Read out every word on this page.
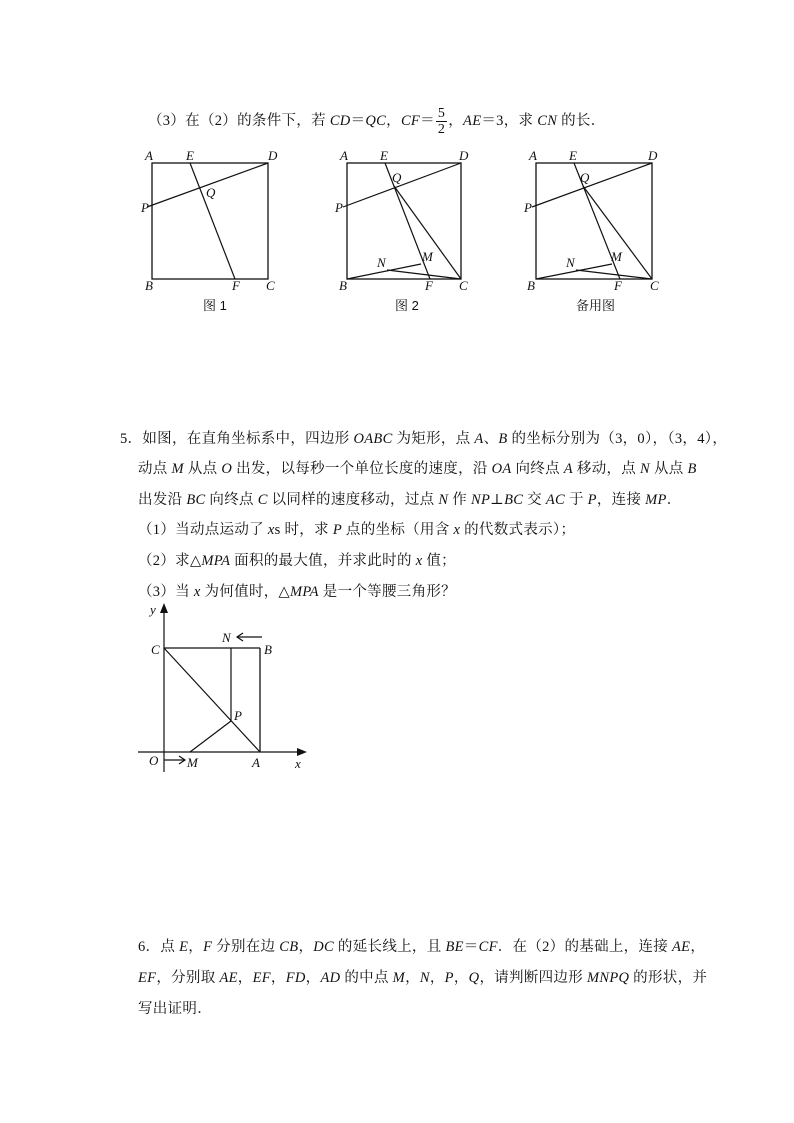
（3）在（2）的条件下，若 CD＝QC，$CF= \frac{5}{2}$ ，AE＝3，求 CN 的长．
A	E	D
P
Q
B	F C
图 1
A E	D
P
Q
M
N
B	F C
图 2
A E	D
P
Q
M
N
B	F C
备用图
5．如图，在直角坐标系中，四边形 OABC 为矩形，点 A、B 的坐标分别为（3，0），（3，4），
动点 M 从点 O 出发，以每秒一个单位长度的速度，沿 OA 向终点 A 移动，点 N 从点 B
出发沿 BC 向终点 C 以同样的速度移动，过点 N 作 NP⊥BC 交 AC 于 P，连接 MP．
（1）当动点运动了 xs 时，求 P 点的坐标（用含 x 的代数式表示）；
（2）求△MPA 面积的最大值，并求此时的 x 值；
（3）当 x 为何值时，△MPA 是一个等腰三角形？
y
x
O M	A
C
N
B
P
6．点 E，F 分别在边 CB，DC 的延长线上，且 BE＝CF．在（2）的基础上，连接 AE，
EF，分别取 AE，EF，FD，AD 的中点 M，N，P，Q，请判断四边形 MNPQ 的形状，并
写出证明．
